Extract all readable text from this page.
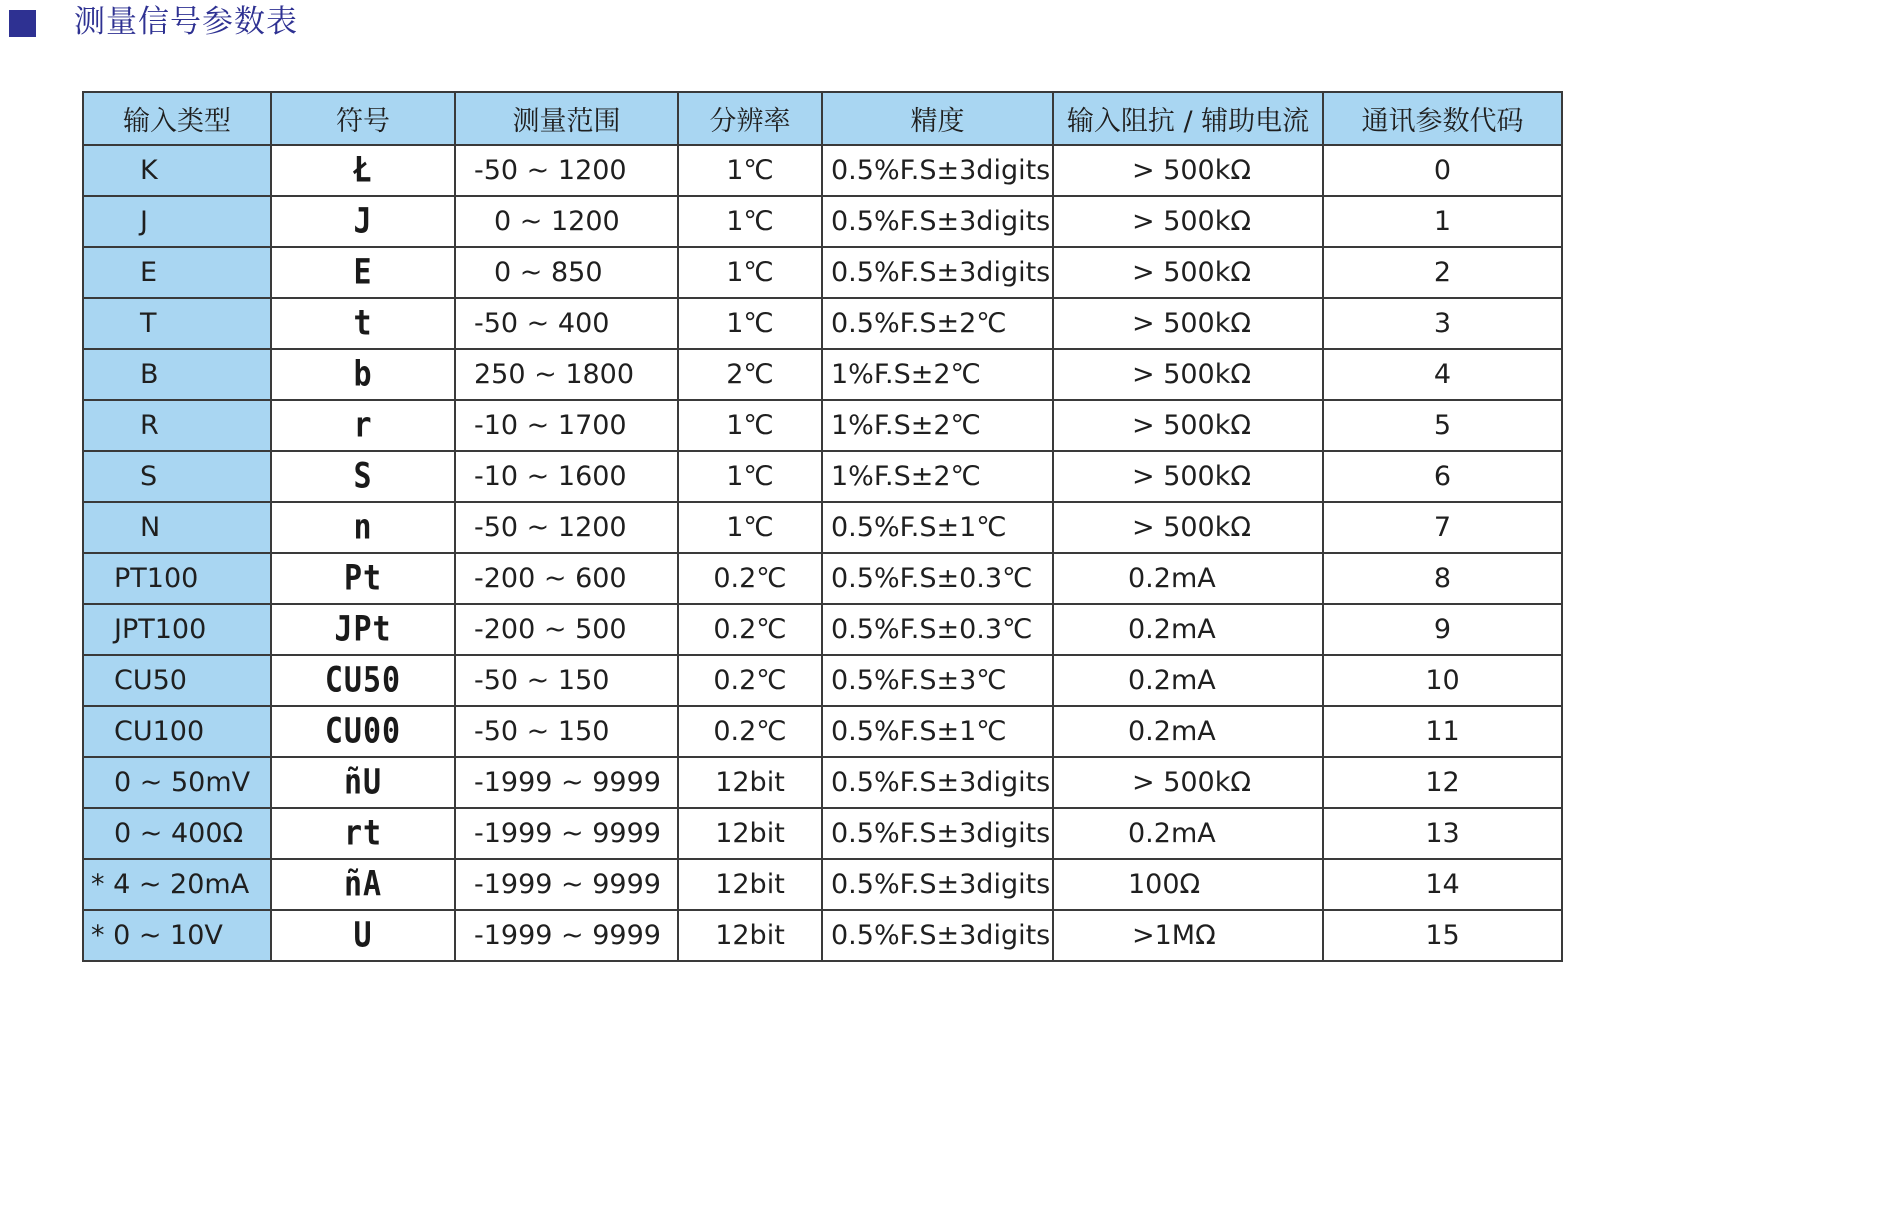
测量信号参数表
输入类型	符号	测量范围	分辨率	精度	输入阻抗 / 辅助电流	通讯参数代码
K	Ł	-50 ~ 1200	1℃	0.5%F.S±3digits	> 500kΩ	0
J	J	0 ~ 1200	1℃	0.5%F.S±3digits	> 500kΩ	1
E	E	0 ~ 850	1℃	0.5%F.S±3digits	> 500kΩ	2
T	t	-50 ~ 400	1℃	0.5%F.S±2℃	> 500kΩ	3
B	b	250 ~ 1800	2℃	1%F.S±2℃	> 500kΩ	4
R	r	-10 ~ 1700	1℃	1%F.S±2℃	> 500kΩ	5
S	S	-10 ~ 1600	1℃	1%F.S±2℃	> 500kΩ	6
N	n	-50 ~ 1200	1℃	0.5%F.S±1℃	> 500kΩ	7
PT100	Pt	-200 ~ 600	0.2℃	0.5%F.S±0.3℃	0.2mA	8
JPT100	JPt	-200 ~ 500	0.2℃	0.5%F.S±0.3℃	0.2mA	9
CU50	CU50	-50 ~ 150	0.2℃	0.5%F.S±3℃	0.2mA	10
CU100	CU00	-50 ~ 150	0.2℃	0.5%F.S±1℃	0.2mA	11
0 ~ 50mV	ñU	-1999 ~ 9999	12bit	0.5%F.S±3digits	> 500kΩ	12
0 ~ 400Ω	rt	-1999 ~ 9999	12bit	0.5%F.S±3digits	0.2mA	13
* 4 ~ 20mA	ñA	-1999 ~ 9999	12bit	0.5%F.S±3digits	100Ω	14
* 0 ~ 10V	U	-1999 ~ 9999	12bit	0.5%F.S±3digits	>1MΩ	15
